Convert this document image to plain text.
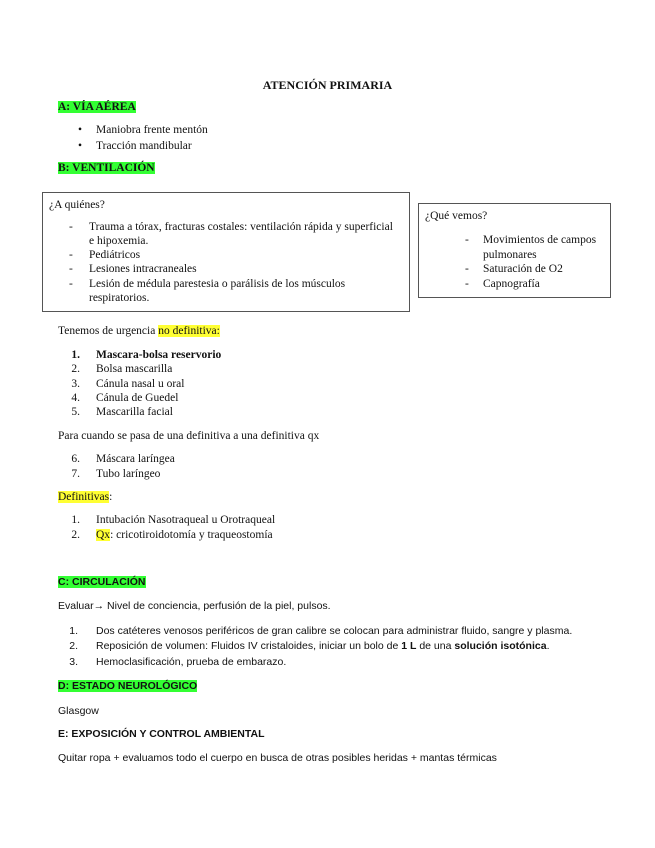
ATENCIÓN PRIMARIA
A: VÍA AÉREA
• Maniobra frente mentón
• Tracción mandibular
B: VENTILACIÓN
¿A quiénes?
- Trauma a tórax, fracturas costales: ventilación rápida y superficial
e hipoxemia.
- Pediátricos
- Lesiones intracraneales
- Lesión de médula parestesia o parálisis de los músculos
respiratorios.
¿Qué vemos?
- Movimientos de campos
pulmonares
- Saturación de O2
- Capnografía
Tenemos de urgencia no definitiva:
1. Mascara-bolsa reservorio
2. Bolsa mascarilla
3. Cánula nasal u oral
4. Cánula de Guedel
5. Mascarilla facial
Para cuando se pasa de una definitiva a una definitiva qx
6. Máscara laríngea
7. Tubo laríngeo
Definitivas:
1. Intubación Nasotraqueal u Orotraqueal
2. Qx: cricotiroidotomía y traqueostomía
C: CIRCULACIÓN
Evaluar→ Nivel de conciencia, perfusión de la piel, pulsos.
1. Dos catéteres venosos periféricos de gran calibre se colocan para administrar fluido, sangre y plasma.
2. Reposición de volumen: Fluidos IV cristaloides, iniciar un bolo de 1 L de una solución isotónica.
3. Hemoclasificación, prueba de embarazo.
D: ESTADO NEUROLÓGICO
Glasgow
E: EXPOSICIÓN Y CONTROL AMBIENTAL
Quitar ropa + evaluamos todo el cuerpo en busca de otras posibles heridas + mantas térmicas
